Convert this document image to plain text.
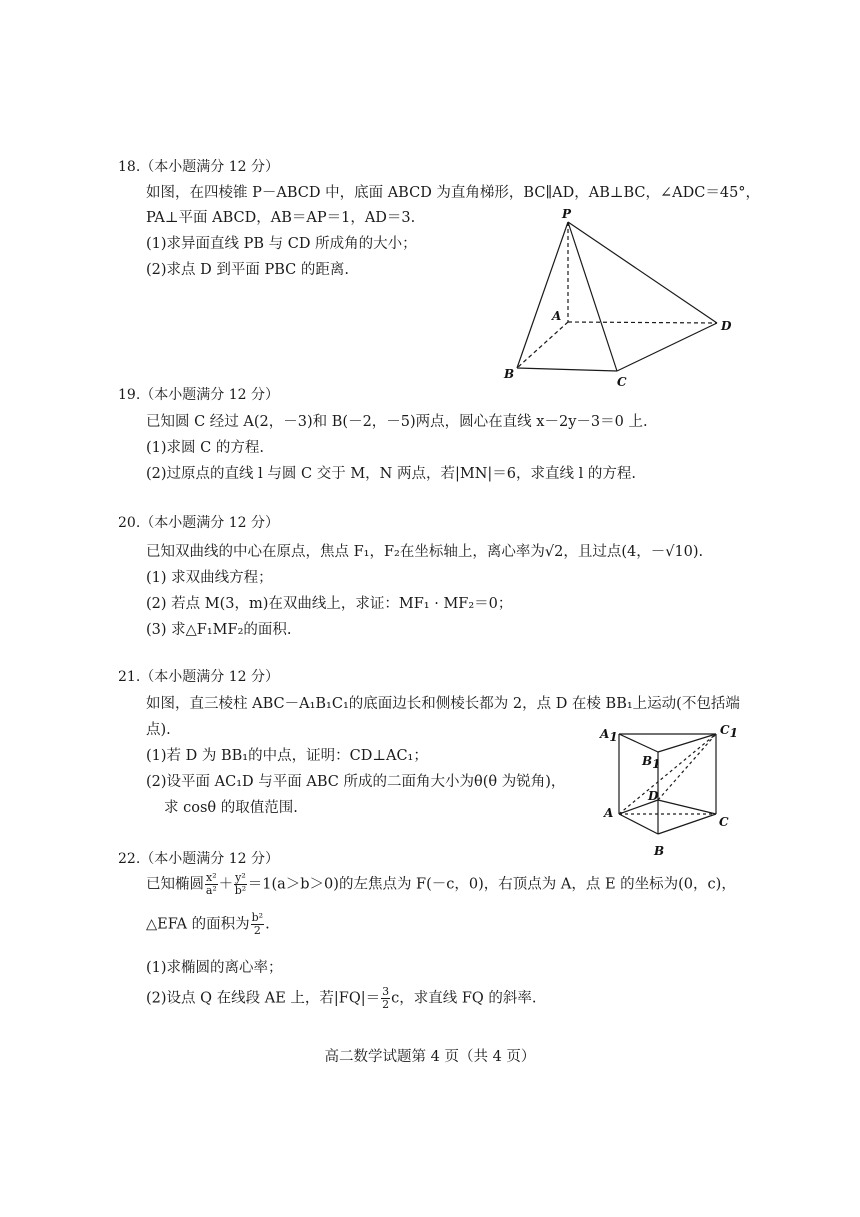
18.（本小题满分 12 分）
如图，在四棱锥 P－ABCD 中，底面 ABCD 为直角梯形，BC∥AD，AB⊥BC，∠ADC＝45°，
PA⊥平面 ABCD，AB＝AP＝1，AD＝3.
(1)求异面直线 PB 与 CD 所成角的大小；
(2)求点 D 到平面 PBC 的距离.
P
A
B
C
D
19.（本小题满分 12 分）
已知圆 C 经过 A(2，－3)和 B(－2，－5)两点，圆心在直线 x－2y－3＝0 上.
(1)求圆 C 的方程.
(2)过原点的直线 l 与圆 C 交于 M，N 两点，若|MN|＝6，求直线 l 的方程.
20.（本小题满分 12 分）
已知双曲线的中心在原点，焦点 F₁，F₂在坐标轴上，离心率为√2，且过点(4，－√10).
(1) 求双曲线方程；
(2) 若点 M(3，m)在双曲线上，求证：MF₁ · MF₂＝0；
(3) 求△F₁MF₂的面积.
21.（本小题满分 12 分）
如图，直三棱柱 ABC－A₁B₁C₁的底面边长和侧棱长都为 2，点 D 在棱 BB₁上运动(不包括端
点).
(1)若 D 为 BB₁的中点，证明：CD⊥AC₁；
(2)设平面 AC₁D 与平面 ABC 所成的二面角大小为θ(θ 为锐角)，
求 cosθ 的取值范围.
A1
B1
C1
D
A
C
B
22.（本小题满分 12 分）
已知椭圆 $\frac{\text{x²}}{\text{a²}} + \frac{\text{y²}}{\text{b²}} =1(a>b>0)$的左焦点为 F(－c，0)，右顶点为 A，点 E 的坐标为(0，c)，
△EFA 的面积为 $\frac{\text{b²}}{2}$ .
(1)求椭圆的离心率；
(2)设点 Q 在线段 AE 上，若$|FQ|= \frac{3}{2}$ c，求直线 FQ 的斜率.
高二数学试题第 4 页（共 4 页）
